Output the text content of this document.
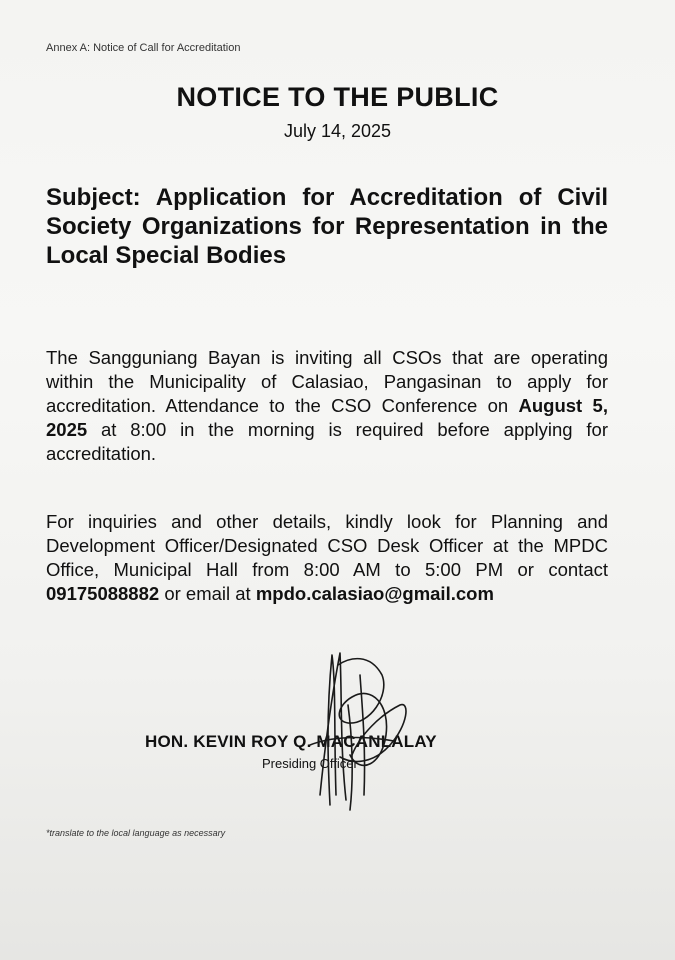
Annex A: Notice of Call for Accreditation
NOTICE TO THE PUBLIC
July 14, 2025
Subject: Application for Accreditation of Civil Society Organizations for Representation in the Local Special Bodies
The Sangguniang Bayan is inviting all CSOs that are operating within the Municipality of Calasiao, Pangasinan to apply for accreditation. Attendance to the CSO Conference on August 5, 2025 at 8:00 in the morning is required before applying for accreditation.
For inquiries and other details, kindly look for Planning and Development Officer/Designated CSO Desk Officer at the MPDC Office, Municipal Hall from 8:00 AM to 5:00 PM or contact 09175088882 or email at mpdo.calasiao@gmail.com
HON. KEVIN ROY Q. MACANLALAY
Presiding Officer
*translate to the local language as necessary
